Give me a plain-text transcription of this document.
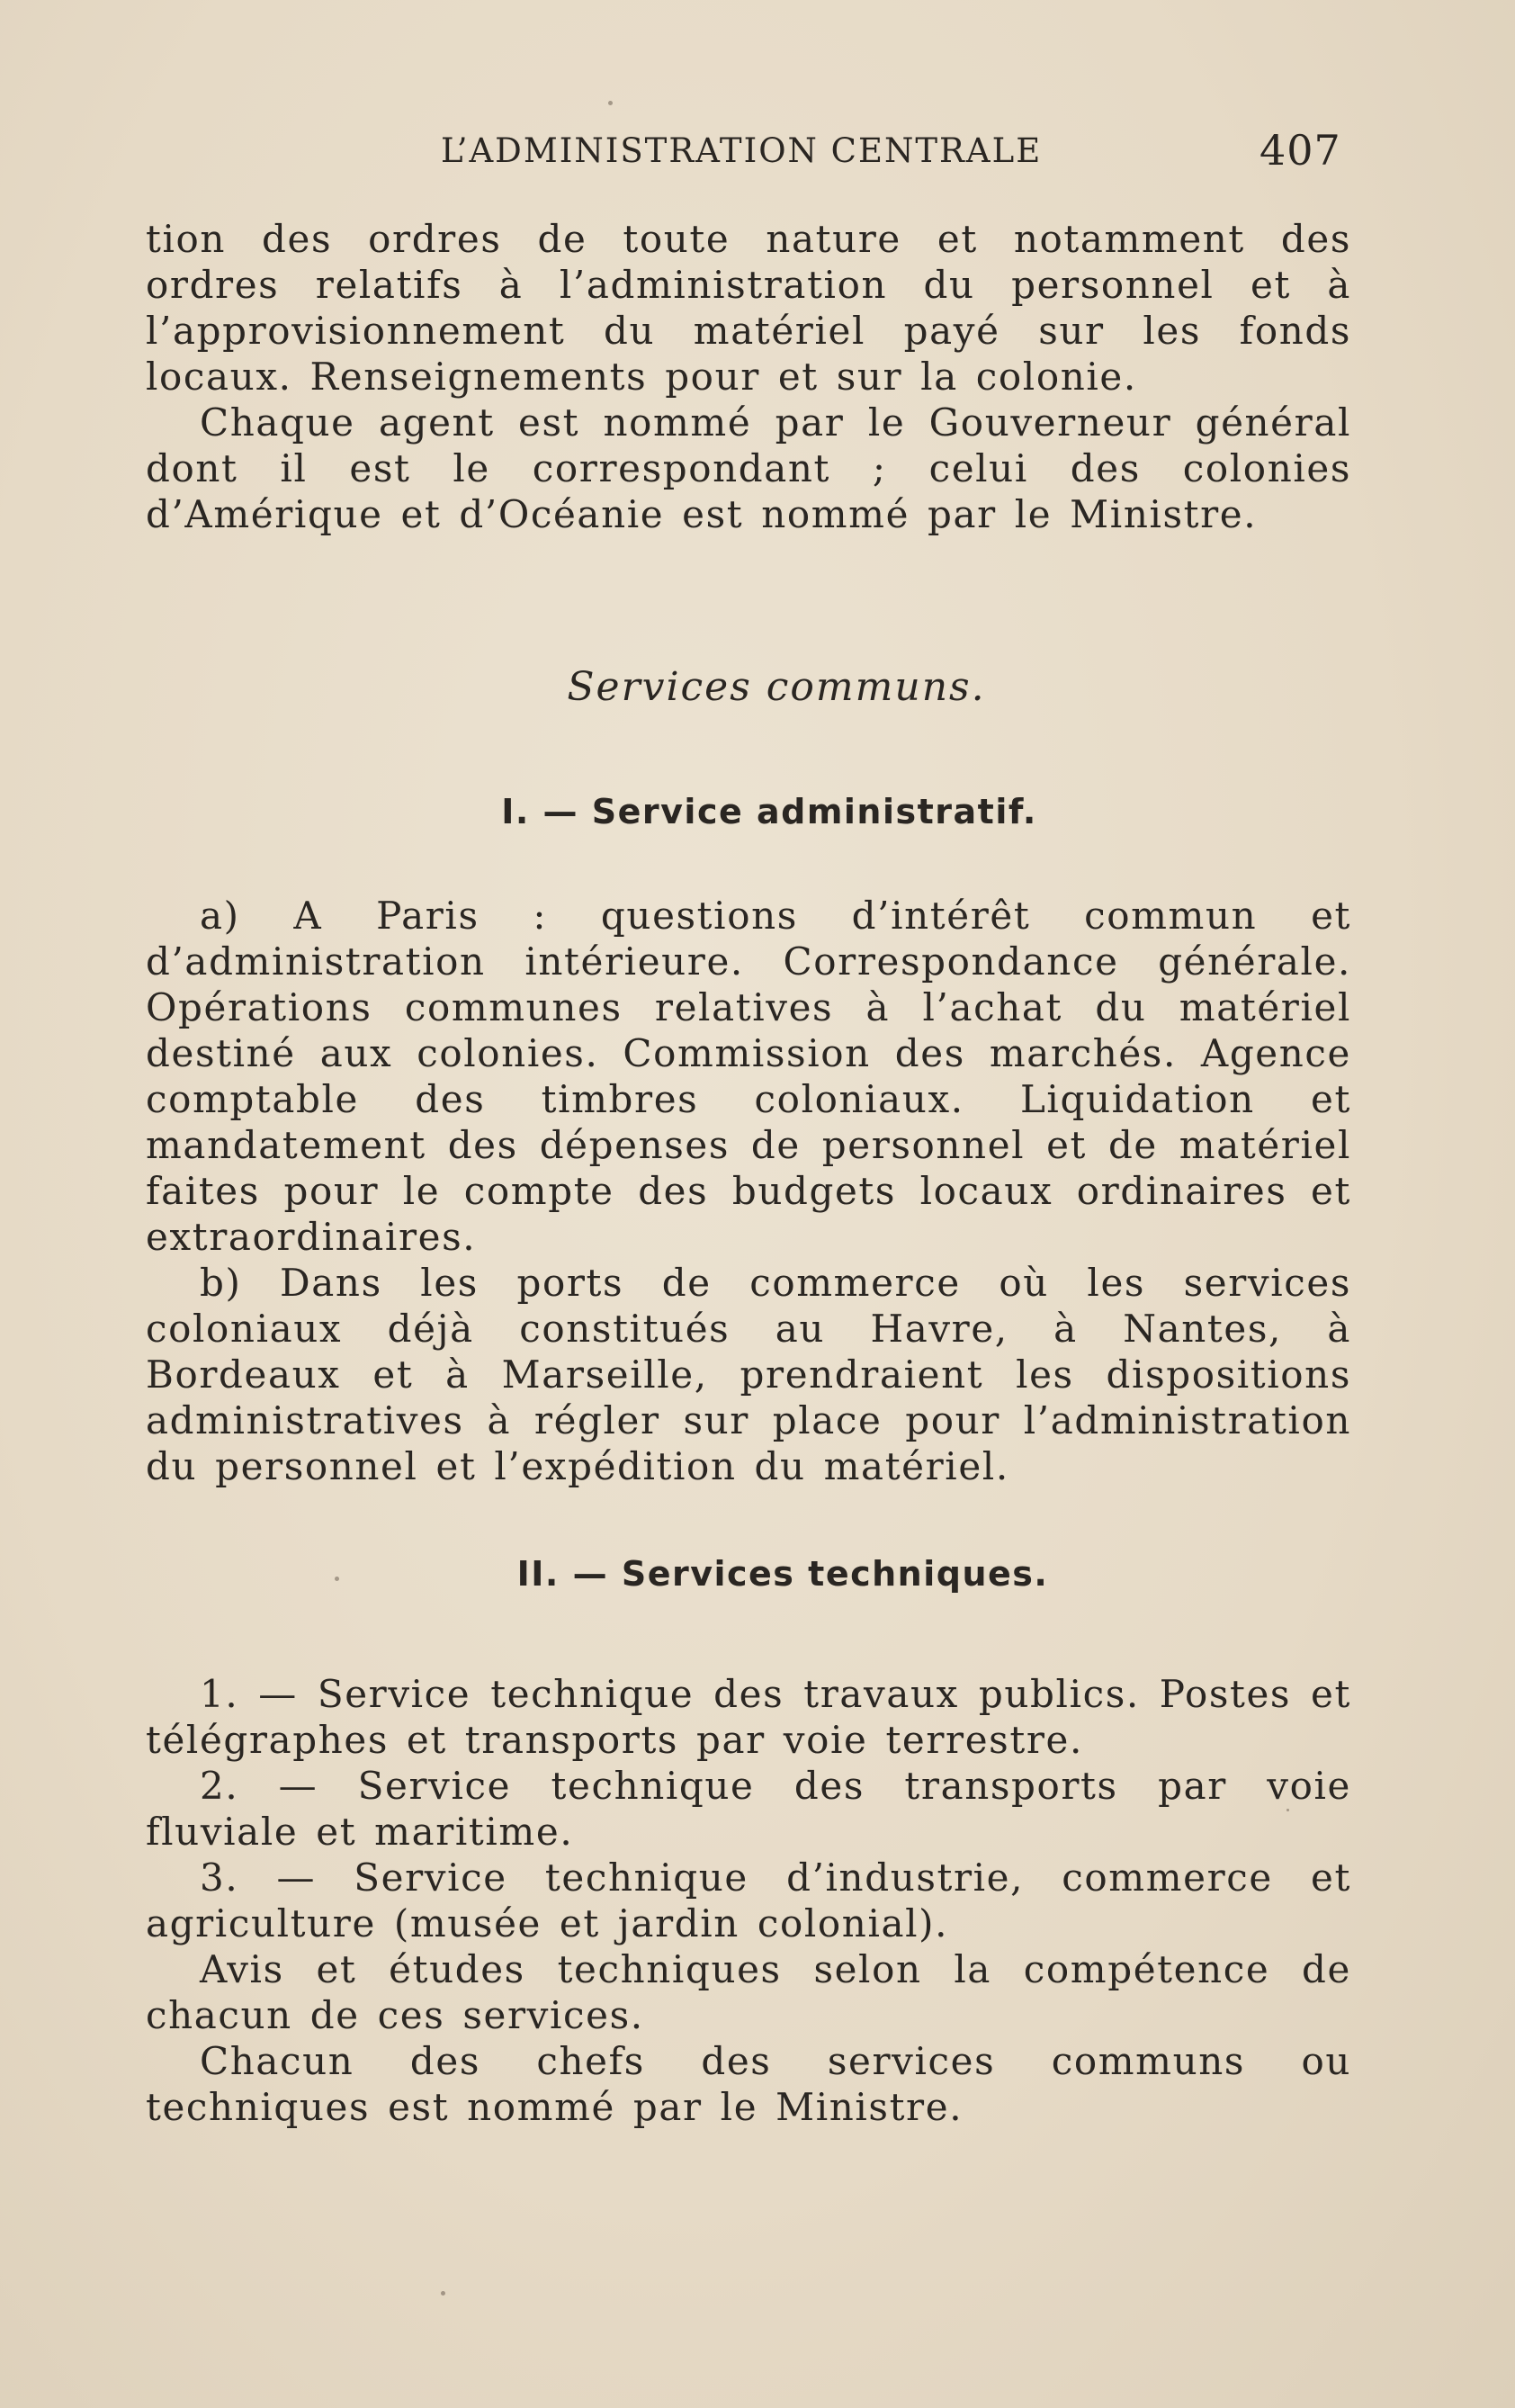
L’ADMINISTRATION CENTRALE	407

tion des ordres de toute nature et notamment des ordres relatifs à l’administration du personnel et à l’approvisionnement du matériel payé sur les fonds locaux. Renseignements pour et sur la colonie.

Chaque agent est nommé par le Gouverneur général dont il est le correspondant ; celui des colonies d’Amérique et d’Océanie est nommé par le Ministre.

Services communs.
I. — Service administratif.

a) A Paris : questions d’intérêt commun et d’administration intérieure. Correspondance générale. Opérations communes relatives à l’achat du matériel destiné aux colonies. Commission des marchés. Agence comptable des timbres coloniaux. Liquidation et mandatement des dépenses de personnel et de matériel faites pour le compte des budgets locaux ordinaires et extraordinaires.

b) Dans les ports de commerce où les services coloniaux déjà constitués au Havre, à Nantes, à Bordeaux et à Marseille, prendraient les dispositions administratives à régler sur place pour l’administration du personnel et l’expédition du matériel.

II. — Services techniques.

1. — Service technique des travaux publics. Postes et télégraphes et transports par voie terrestre.

2. — Service technique des transports par voie fluviale et maritime.

3. — Service technique d’industrie, commerce et agriculture (musée et jardin colonial).

Avis et études techniques selon la compétence de chacun de ces services.

Chacun des chefs des services communs ou techniques est nommé par le Ministre.
